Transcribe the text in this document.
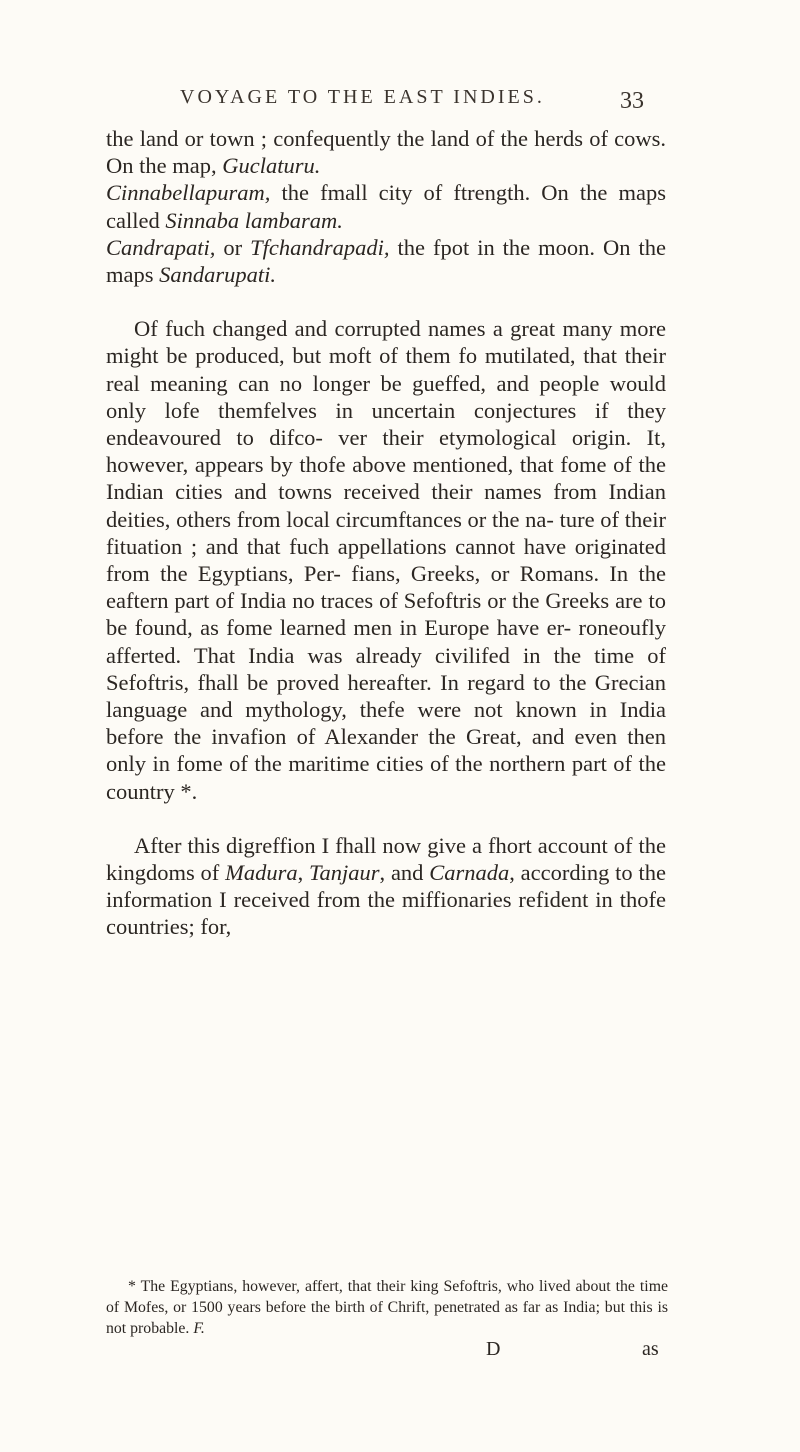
VOYAGE TO THE EAST INDIES.	33

the land or town ; confequently the land of the herds of cows. On the map, Guclaturu.

Cinnabellapuram, the fmall city of ftrength. On the maps called Sinnaba lambaram.

Candrapati, or Tfchandrapadi, the fpot in the moon. On the maps Sandarupati.

Of fuch changed and corrupted names a great many more might be produced, but moft of them fo mutilated, that their real meaning can no longer be gueffed, and people would only lofe themfelves in uncertain conjectures if they endeavoured to difco- ver their etymological origin. It, however, appears by thofe above mentioned, that fome of the Indian cities and towns received their names from Indian deities, others from local circumftances or the na- ture of their fituation ; and that fuch appellations cannot have originated from the Egyptians, Per- fians, Greeks, or Romans. In the eaftern part of India no traces of Sefoftris or the Greeks are to be found, as fome learned men in Europe have er- roneoufly afferted. That India was already civilifed in the time of Sefoftris, fhall be proved hereafter. In regard to the Grecian language and mythology, thefe were not known in India before the invafion of Alexander the Great, and even then only in fome of the maritime cities of the northern part of the country *.

After this digreffion I fhall now give a fhort account of the kingdoms of Madura, Tanjaur, and Carnada, according to the information I received from the miffionaries refident in thofe countries; for,

* The Egyptians, however, affert, that their king Sefoftris, who lived about the time of Mofes, or 1500 years before the birth of Chrift, penetrated as far as India; but this is not probable. F.

D	as
